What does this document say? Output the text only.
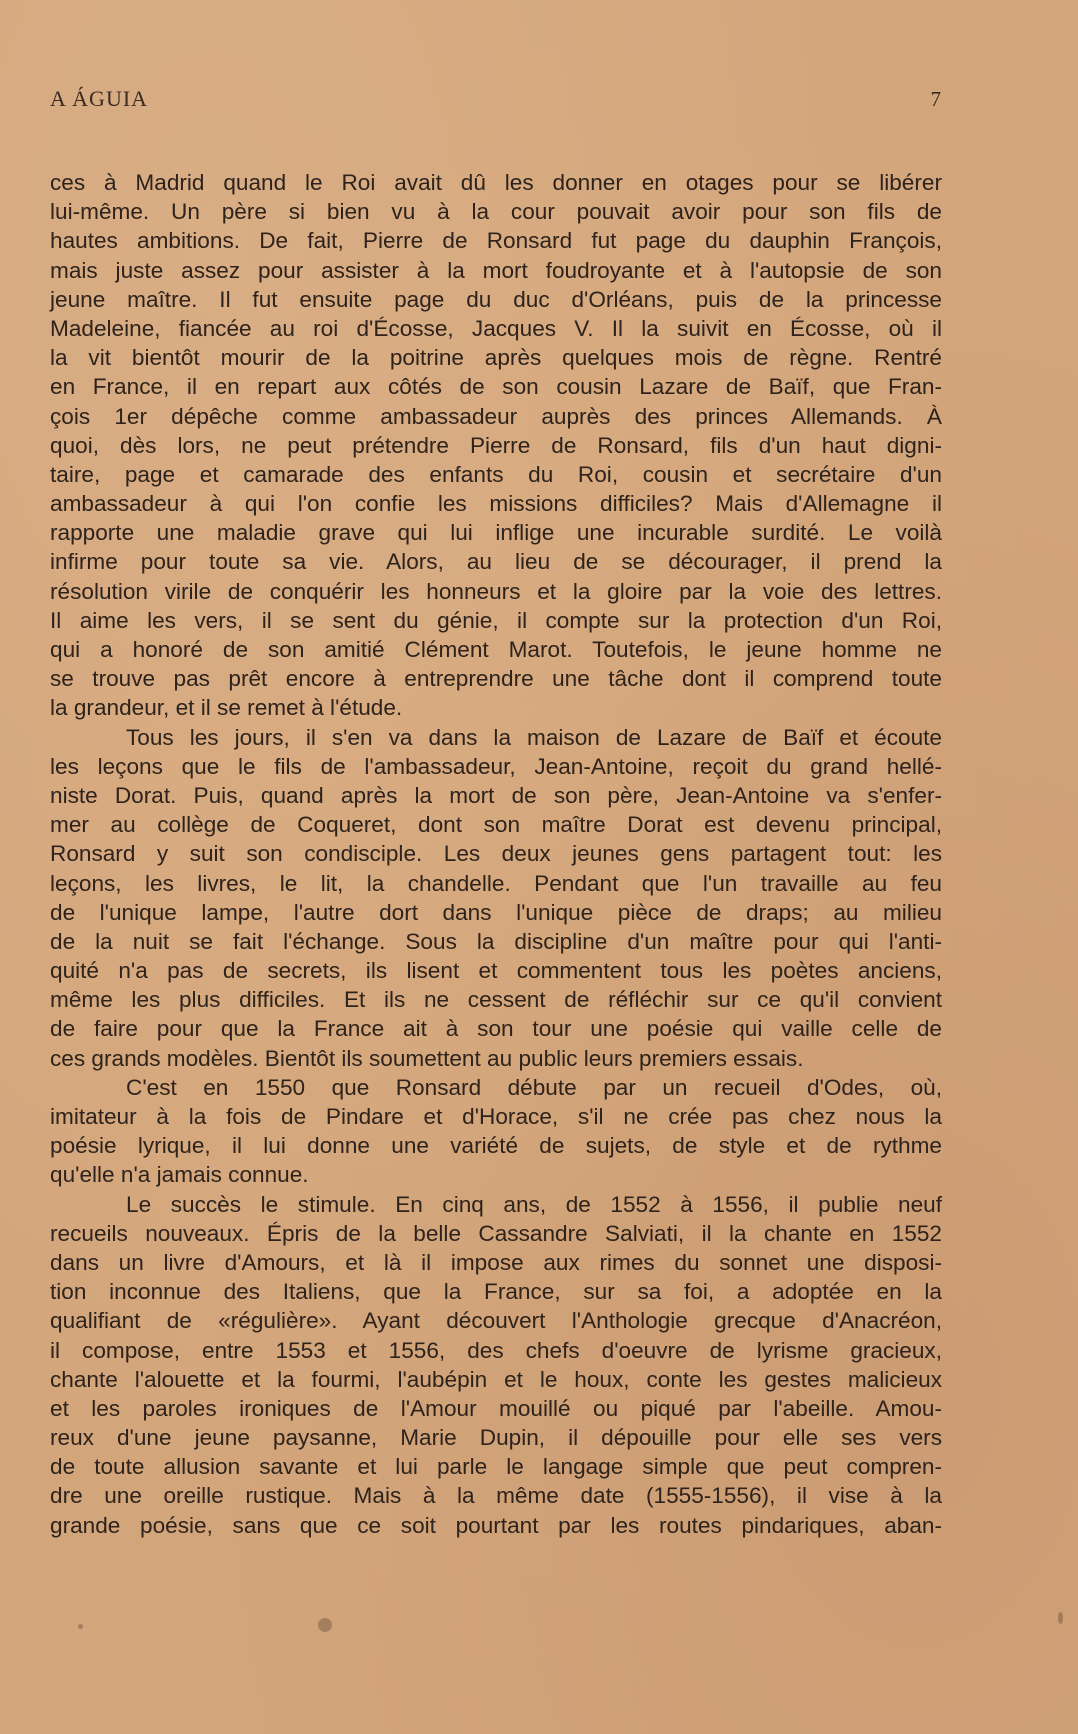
A ÁGUIA	7
ces à Madrid quand le Roi avait dû les donner en otages pour se libérer
lui-même. Un père si bien vu à la cour pouvait avoir pour son fils de
hautes ambitions. De fait, Pierre de Ronsard fut page du dauphin François,
mais juste assez pour assister à la mort foudroyante et à l'autopsie de son
jeune maître. Il fut ensuite page du duc d'Orléans, puis de la princesse
Madeleine, fiancée au roi d'Écosse, Jacques V. Il la suivit en Écosse, où il
la vit bientôt mourir de la poitrine après quelques mois de règne. Rentré
en France, il en repart aux côtés de son cousin Lazare de Baïf, que Fran-
çois 1er dépêche comme ambassadeur auprès des princes Allemands. À
quoi, dès lors, ne peut prétendre Pierre de Ronsard, fils d'un haut digni-
taire, page et camarade des enfants du Roi, cousin et secrétaire d'un
ambassadeur à qui l'on confie les missions difficiles? Mais d'Allemagne il
rapporte une maladie grave qui lui inflige une incurable surdité. Le voilà
infirme pour toute sa vie. Alors, au lieu de se décourager, il prend la
résolution virile de conquérir les honneurs et la gloire par la voie des lettres.
Il aime les vers, il se sent du génie, il compte sur la protection d'un Roi,
qui a honoré de son amitié Clément Marot. Toutefois, le jeune homme ne
se trouve pas prêt encore à entreprendre une tâche dont il comprend toute
la grandeur, et il se remet à l'étude.
Tous les jours, il s'en va dans la maison de Lazare de Baïf et écoute
les leçons que le fils de l'ambassadeur, Jean-Antoine, reçoit du grand hellé-
niste Dorat. Puis, quand après la mort de son père, Jean-Antoine va s'enfer-
mer au collège de Coqueret, dont son maître Dorat est devenu principal,
Ronsard y suit son condisciple. Les deux jeunes gens partagent tout: les
leçons, les livres, le lit, la chandelle. Pendant que l'un travaille au feu
de l'unique lampe, l'autre dort dans l'unique pièce de draps; au milieu
de la nuit se fait l'échange. Sous la discipline d'un maître pour qui l'anti-
quité n'a pas de secrets, ils lisent et commentent tous les poètes anciens,
même les plus difficiles. Et ils ne cessent de réfléchir sur ce qu'il convient
de faire pour que la France ait à son tour une poésie qui vaille celle de
ces grands modèles. Bientôt ils soumettent au public leurs premiers essais.
C'est en 1550 que Ronsard débute par un recueil d'Odes, où,
imitateur à la fois de Pindare et d'Horace, s'il ne crée pas chez nous la
poésie lyrique, il lui donne une variété de sujets, de style et de rythme
qu'elle n'a jamais connue.
Le succès le stimule. En cinq ans, de 1552 à 1556, il publie neuf
recueils nouveaux. Épris de la belle Cassandre Salviati, il la chante en 1552
dans un livre d'Amours, et là il impose aux rimes du sonnet une disposi-
tion inconnue des Italiens, que la France, sur sa foi, a adoptée en la
qualifiant de «régulière». Ayant découvert l'Anthologie grecque d'Anacréon,
il compose, entre 1553 et 1556, des chefs d'oeuvre de lyrisme gracieux,
chante l'alouette et la fourmi, l'aubépin et le houx, conte les gestes malicieux
et les paroles ironiques de l'Amour mouillé ou piqué par l'abeille. Amou-
reux d'une jeune paysanne, Marie Dupin, il dépouille pour elle ses vers
de toute allusion savante et lui parle le langage simple que peut compren-
dre une oreille rustique. Mais à la même date (1555-1556), il vise à la
grande poésie, sans que ce soit pourtant par les routes pindariques, aban-
